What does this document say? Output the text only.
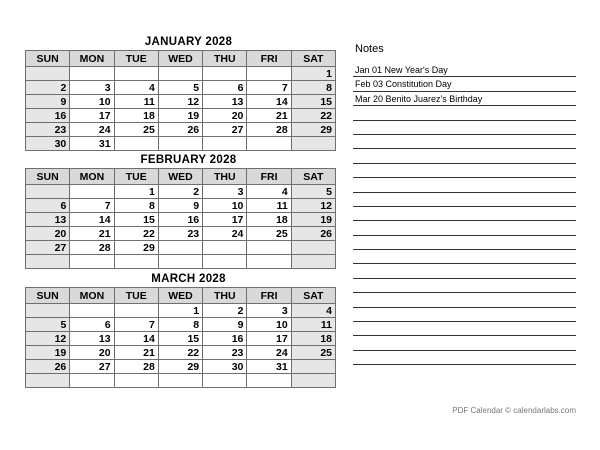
JANUARY 2028
SUN	MON	TUE	WED	THU	FRI	SAT
						1
2	3	4	5	6	7	8
9	10	11	12	13	14	15
16	17	18	19	20	21	22
23	24	25	26	27	28	29
30	31					
FEBRUARY 2028
SUN	MON	TUE	WED	THU	FRI	SAT
		1	2	3	4	5
6	7	8	9	10	11	12
13	14	15	16	17	18	19
20	21	22	23	24	25	26
27	28	29				

MARCH 2028
SUN	MON	TUE	WED	THU	FRI	SAT
			1	2	3	4
5	6	7	8	9	10	11
12	13	14	15	16	17	18
19	20	21	22	23	24	25
26	27	28	29	30	31	

Notes
Jan 01 New Year's Day
Feb 03 Constitution Day
Mar 20 Benito Juarez's Birthday
PDF Calendar © calendarlabs.com
